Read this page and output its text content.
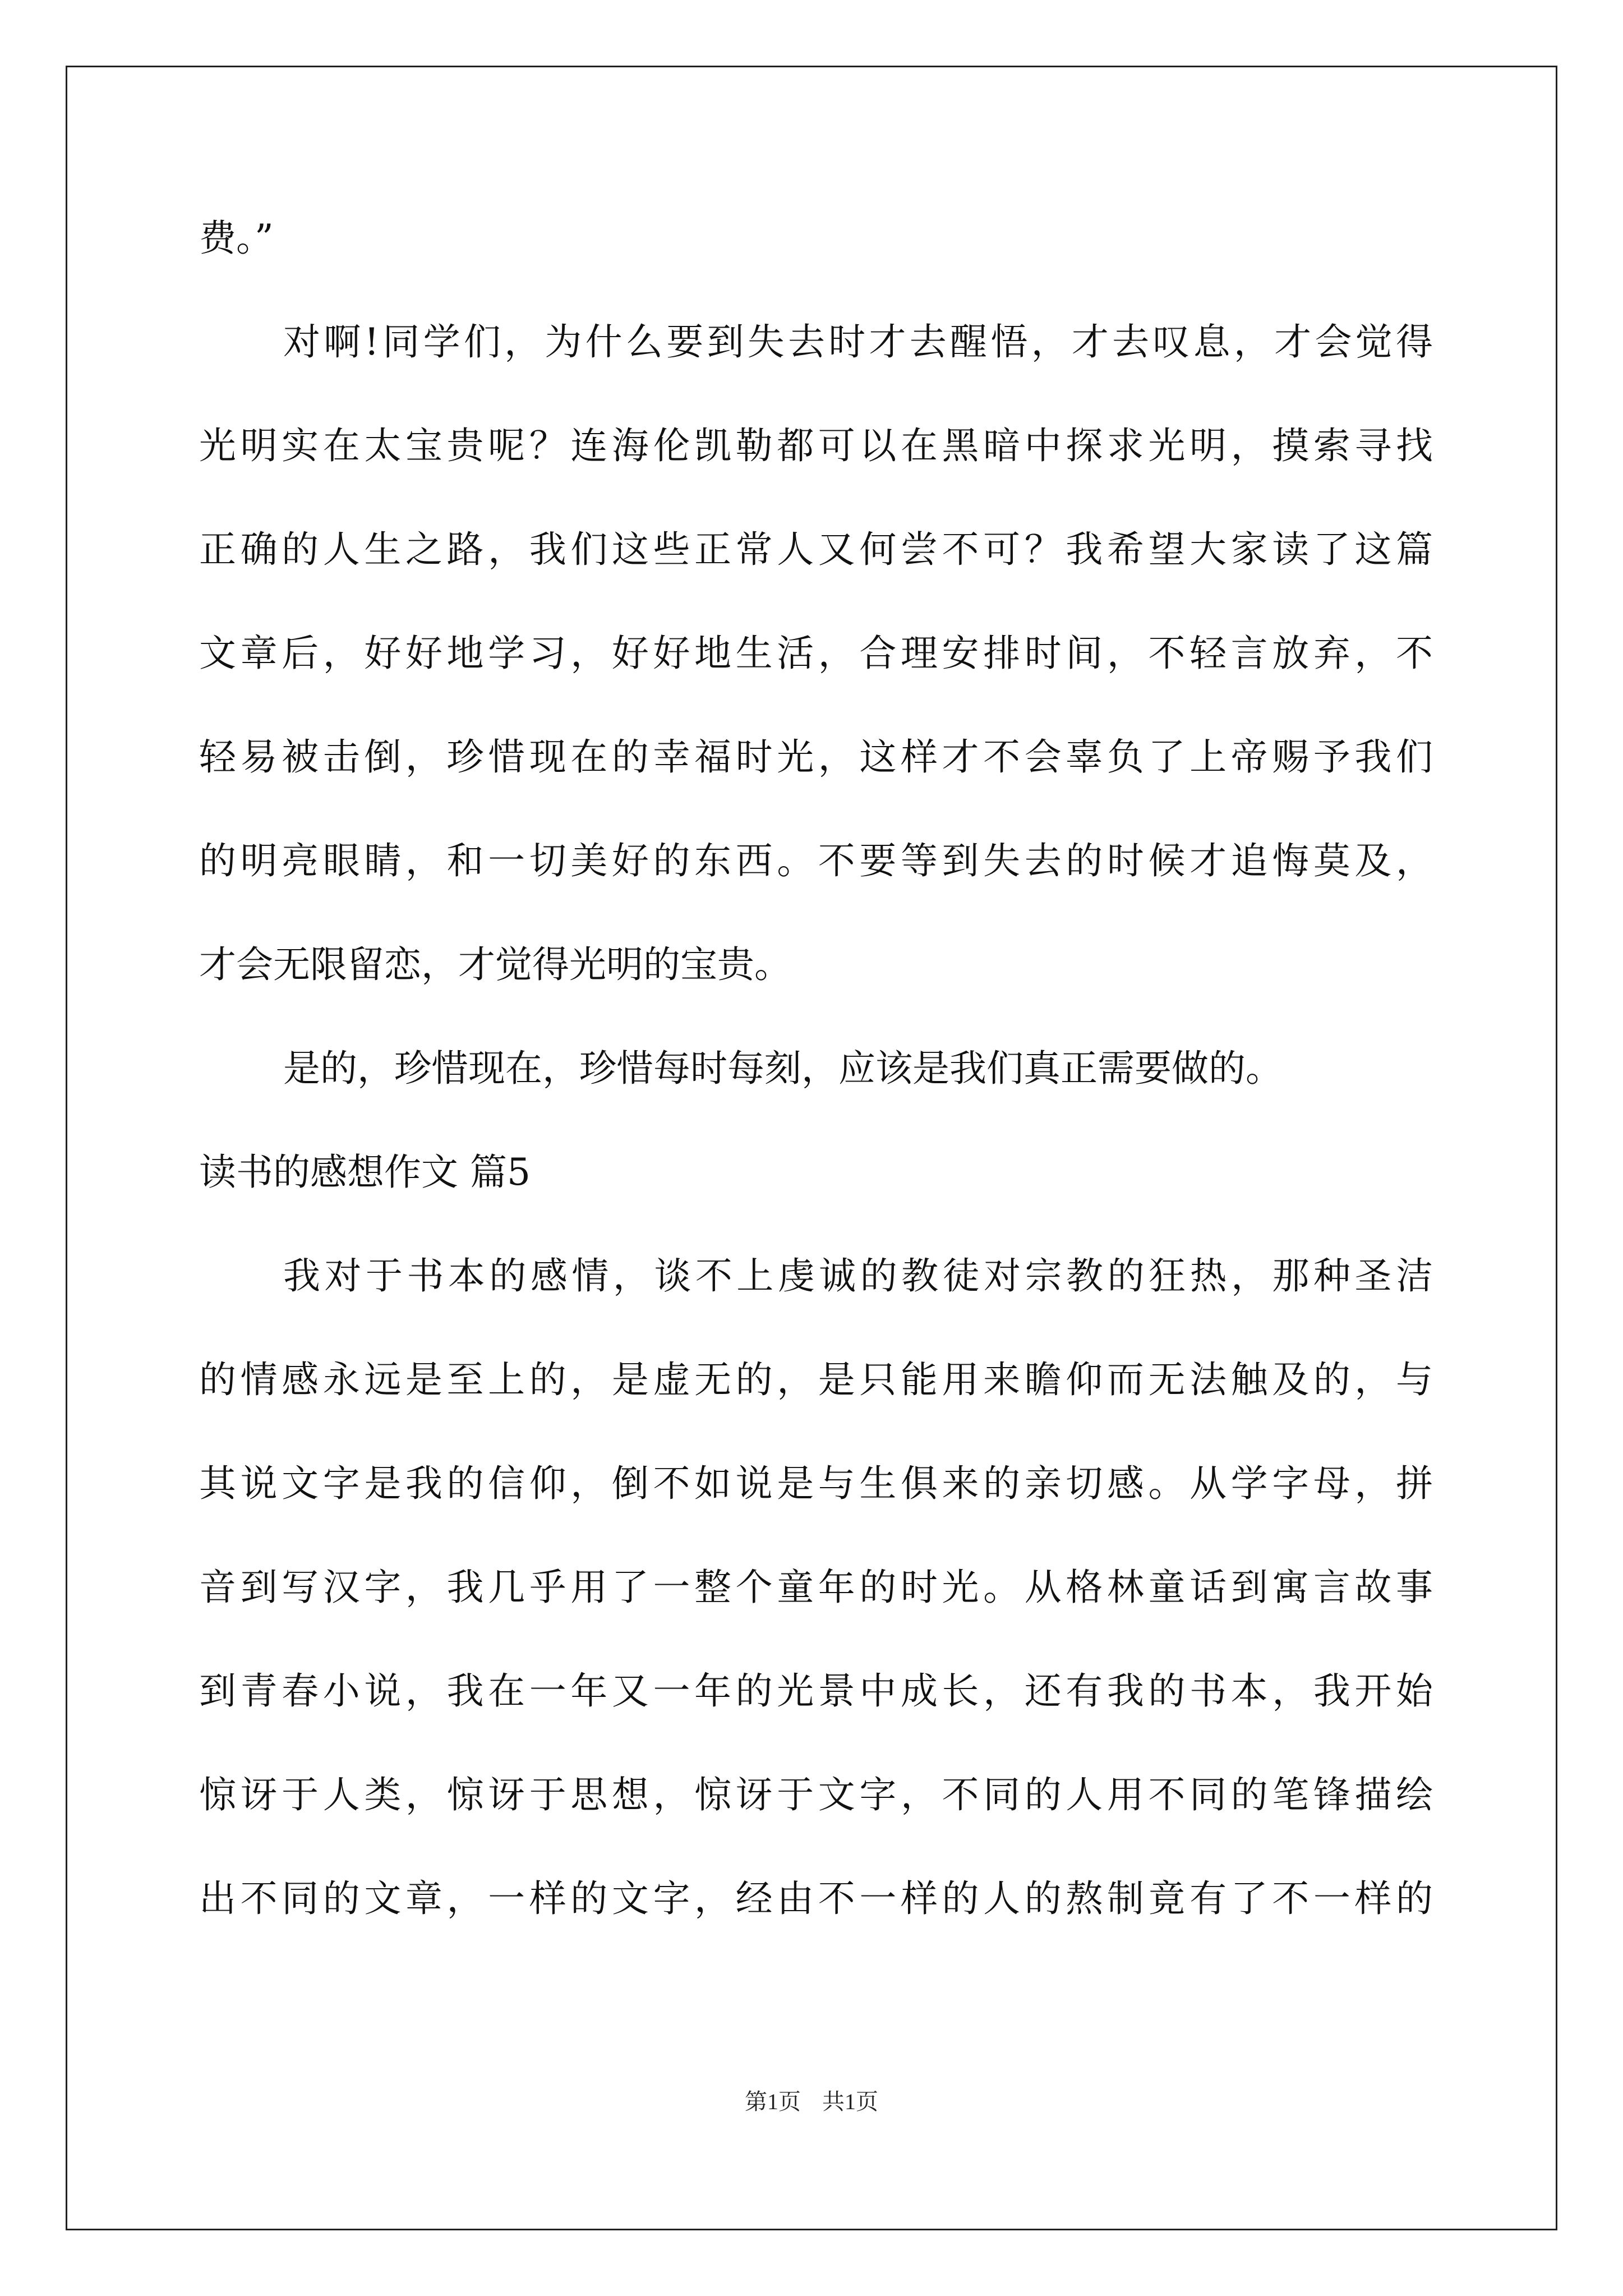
费。”
对啊!同学们，为什么要到失去时才去醒悟，才去叹息，才会觉得
光明实在太宝贵呢？连海伦凯勒都可以在黑暗中探求光明，摸索寻找
正确的人生之路，我们这些正常人又何尝不可？我希望大家读了这篇
文章后，好好地学习，好好地生活，合理安排时间，不轻言放弃，不
轻易被击倒，珍惜现在的幸福时光，这样才不会辜负了上帝赐予我们
的明亮眼睛，和一切美好的东西。不要等到失去的时候才追悔莫及，
才会无限留恋，才觉得光明的宝贵。
是的，珍惜现在，珍惜每时每刻，应该是我们真正需要做的。
读书的感想作文 篇5
我对于书本的感情，谈不上虔诚的教徒对宗教的狂热，那种圣洁
的情感永远是至上的，是虚无的，是只能用来瞻仰而无法触及的，与
其说文字是我的信仰，倒不如说是与生俱来的亲切感。从学字母，拼
音到写汉字，我几乎用了一整个童年的时光。从格林童话到寓言故事
到青春小说，我在一年又一年的光景中成长，还有我的书本，我开始
惊讶于人类，惊讶于思想，惊讶于文字，不同的人用不同的笔锋描绘
出不同的文章，一样的文字，经由不一样的人的熬制竟有了不一样的
第1页 共1页
